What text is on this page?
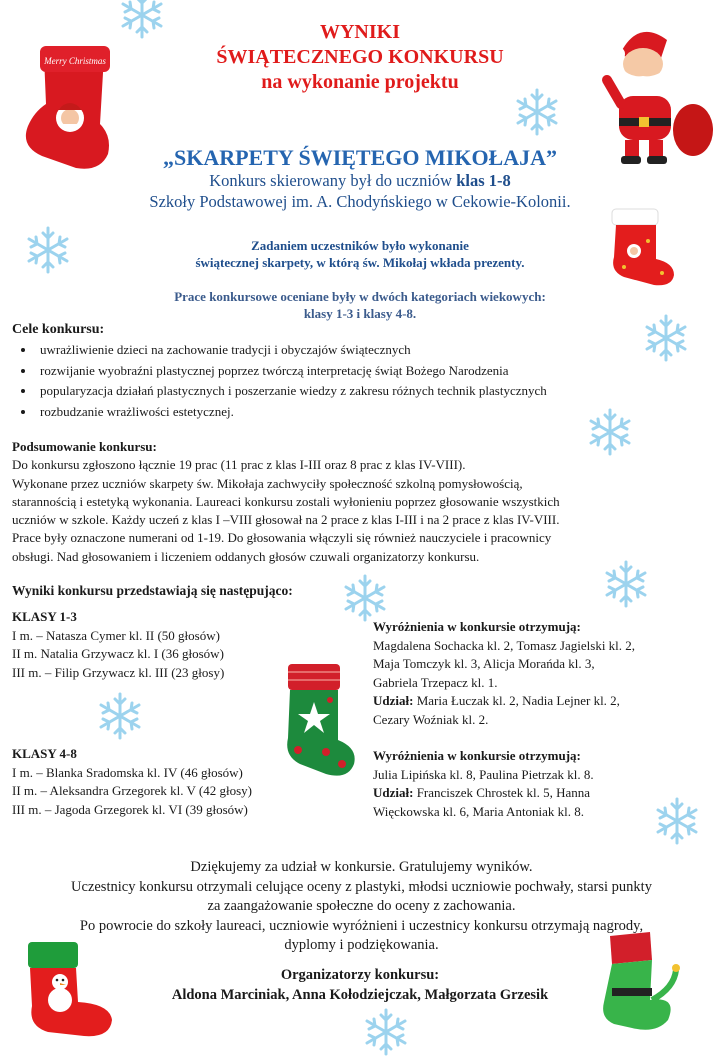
Merry Christmas
WYNIKI
ŚWIĄTECZNEGO KONKURSU
na wykonanie projektu
„SKARPETY ŚWIĘTEGO MIKOŁAJA”
Konkurs skierowany był do uczniów klas 1-8
Szkoły Podstawowej im. A. Chodyńskiego w Cekowie-Kolonii.
Zadaniem uczestników było wykonanie
świątecznej skarpety, w którą św. Mikołaj wkłada prezenty.
Prace konkursowe oceniane były w dwóch kategoriach wiekowych:
klasy 1-3 i klasy 4-8.
Cele konkursu:
• uwrażliwienie dzieci na zachowanie tradycji i obyczajów świątecznych
• rozwijanie wyobraźni plastycznej poprzez twórczą interpretację świąt Bożego Narodzenia
• popularyzacja działań plastycznych i poszerzanie wiedzy z zakresu różnych technik plastycznych
• rozbudzanie wrażliwości estetycznej.
Podsumowanie konkursu:
Do konkursu zgłoszono łącznie 19 prac (11 prac z klas I-III oraz 8 prac z klas IV-VIII).
Wykonane przez uczniów skarpety św. Mikołaja zachwyciły społeczność szkolną pomysłowością,
starannością i estetyką wykonania. Laureaci konkursu zostali wyłonieniu poprzez głosowanie wszystkich
uczniów w szkole. Każdy uczeń z klas I –VIII głosował na 2 prace z klas I-III i na 2 prace z klas IV-VIII.
Prace były oznaczone numerani od 1-19. Do głosowania włączyli się również nauczyciele i pracownicy
obsługi. Nad głosowaniem i liczeniem oddanych głosów czuwali organizatorzy konkursu.
Wyniki konkursu przedstawiają się następująco:
KLASY 1-3
I m. – Natasza Cymer kl. II (50 głosów)
II m. Natalia Grzywacz kl. I (36 głosów)
III m. – Filip Grzywacz kl. III (23 głosy)
Wyróżnienia w konkursie otrzymują:
Magdalena Sochacka kl. 2, Tomasz Jagielski kl. 2,
Maja Tomczyk kl. 3, Alicja Morańda kl. 3,
Gabriela Trzepacz kl. 1.
Udział: Maria Łuczak kl. 2, Nadia Lejner kl. 2,
Cezary Woźniak kl. 2.
KLASY 4-8
I m. – Blanka Sradomska kl. IV (46 głosów)
II m. – Aleksandra Grzegorek kl. V (42 głosy)
III m. – Jagoda Grzegorek kl. VI (39 głosów)
Wyróżnienia w konkursie otrzymują:
Julia Lipińska kl. 8, Paulina Pietrzak kl. 8.
Udział: Franciszek Chrostek kl. 5, Hanna
Więckowska kl. 6, Maria Antoniak kl. 8.
Dziękujemy za udział w konkursie. Gratulujemy wyników.
Uczestnicy konkursu otrzymali celujące oceny z plastyki, młodsi uczniowie pochwały, starsi punkty
za zaangażowanie społeczne do oceny z zachowania.
Po powrocie do szkoły laureaci, uczniowie wyróżnieni i uczestnicy konkursu otrzymają nagrody,
dyplomy i podziękowania.
Organizatorzy konkursu:
Aldona Marciniak, Anna Kołodziejczak, Małgorzata Grzesik
